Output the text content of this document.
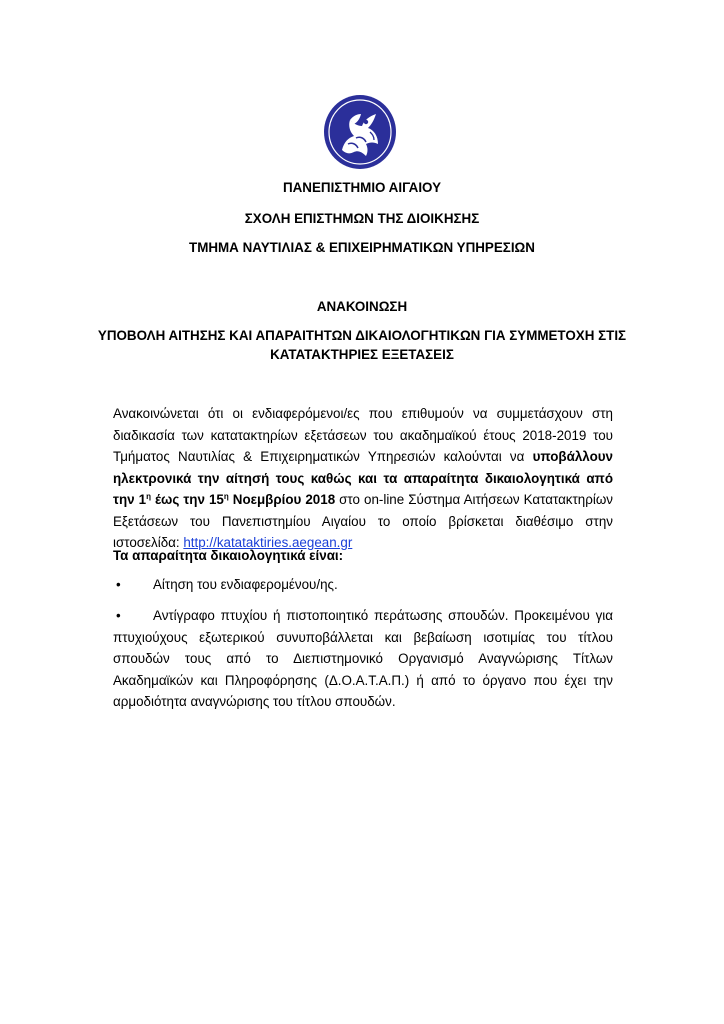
ΠΑΝΕΠΙΣΤΗΜΙΟ ΑΙΓΑΙΟΥ
ΣΧΟΛΗ ΕΠΙΣΤΗΜΩΝ ΤΗΣ ΔΙΟΙΚΗΣΗΣ
ΤΜΗΜΑ ΝΑΥΤΙΛΙΑΣ & ΕΠΙΧΕΙΡΗΜΑΤΙΚΩΝ ΥΠΗΡΕΣΙΩΝ
ΑΝΑΚΟΙΝΩΣΗ
ΥΠΟΒΟΛΗ ΑΙΤΗΣΗΣ ΚΑΙ ΑΠΑΡΑΙΤΗΤΩΝ ΔΙΚΑΙΟΛΟΓΗΤΙΚΩΝ ΓΙΑ ΣΥΜΜΕΤΟΧΗ ΣΤΙΣ
ΚΑΤΑΤΑΚΤΗΡΙΕΣ ΕΞΕΤΑΣΕΙΣ
Ανακοινώνεται ότι οι ενδιαφερόμενοι/ες που επιθυμούν να συμμετάσχουν στη διαδικασία των κατατακτηρίων εξετάσεων του ακαδημαϊκού έτους 2018-2019 του Τμήματος Ναυτιλίας & Επιχειρηματικών Υπηρεσιών καλούνται να υποβάλλουν ηλεκτρονικά την αίτησή τους καθώς και τα απαραίτητα δικαιολογητικά από την $1^\eta$ έως την $15^\eta$ Νοεμβρίου 2018 στο on-line Σύστημα Αιτήσεων Κατατακτηρίων Εξετάσεων του Πανεπιστημίου Αιγαίου το οποίο βρίσκεται διαθέσιμο στην ιστοσελίδα: http://katataktiries.aegean.gr
Τα απαραίτητα δικαιολογητικά είναι:
•	Αίτηση του ενδιαφερομένου/ης.
•	Αντίγραφο πτυχίου ή πιστοποιητικό περάτωσης σπουδών. Προκειμένου για πτυχιούχους εξωτερικού συνυποβάλλεται και βεβαίωση ισοτιμίας του τίτλου σπουδών τους από το Διεπιστημονικό Οργανισμό Αναγνώρισης Τίτλων Ακαδημαϊκών και Πληροφόρησης (Δ.Ο.Α.Τ.Α.Π.) ή από το όργανο που έχει την αρμοδιότητα αναγνώρισης του τίτλου σπουδών.
